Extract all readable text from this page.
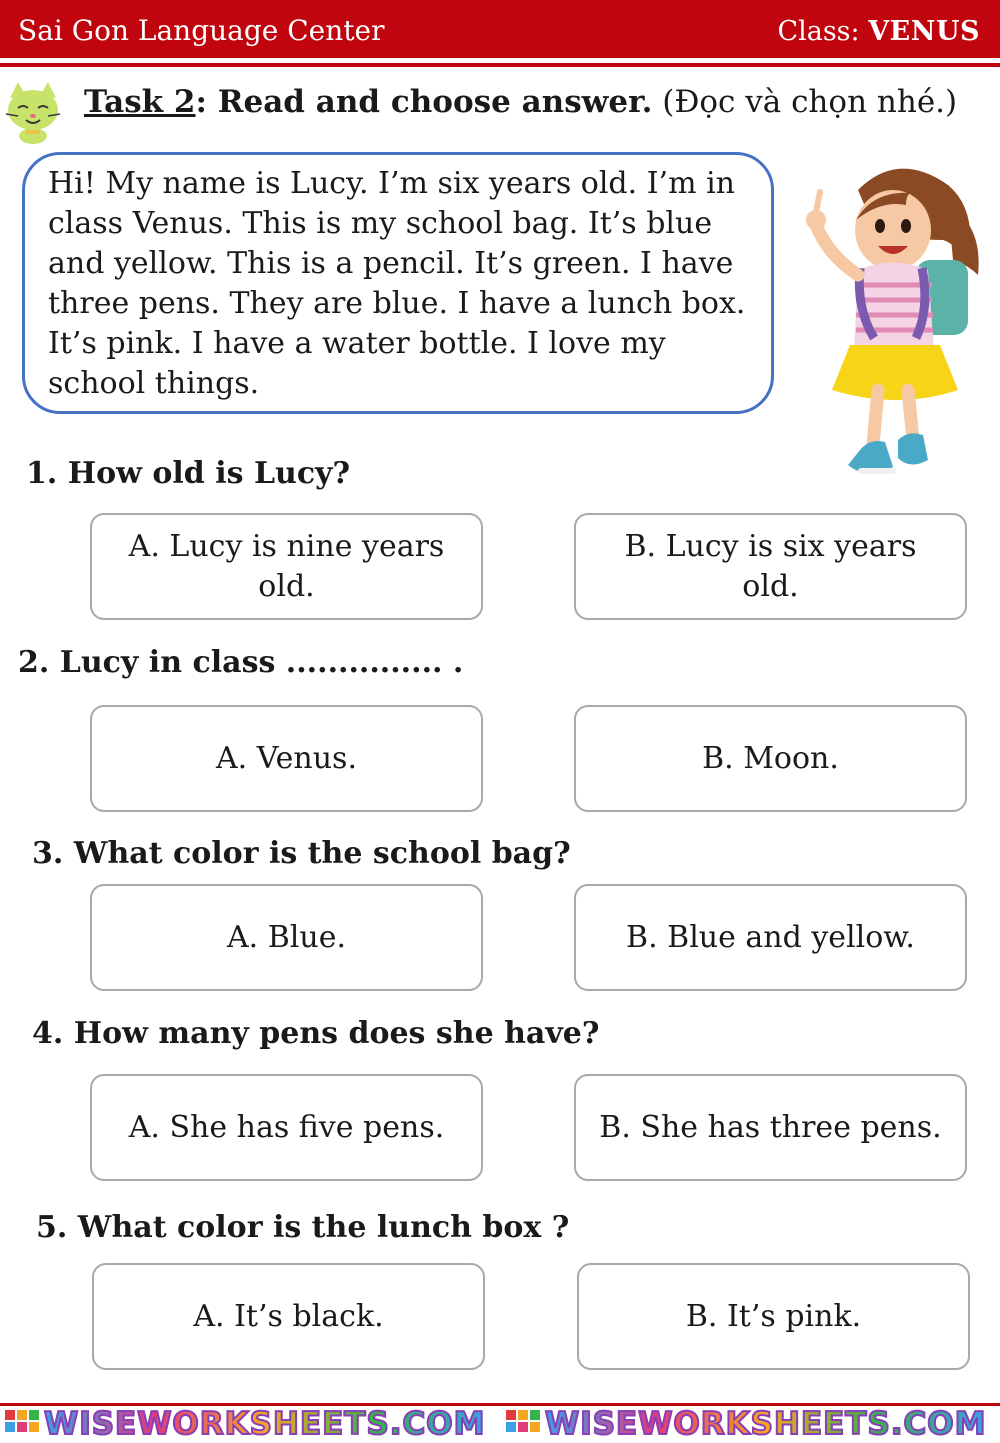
Sai Gon Language Center	Class: VENUS
Task 2: Read and choose answer. (Đọc và chọn nhé.)

Hi! My name is Lucy. I’m six years old. I’m in class Venus. This is my school bag. It’s blue and yellow. This is a pencil. It’s green. I have three pens. They are blue. I have a lunch box. It’s pink. I have a water bottle. I love my school things.

1. How old is Lucy?
A. Lucy is nine years old.
B. Lucy is six years old.
2. Lucy in class ............... .
A. Venus.	B. Moon.
3. What color is the school bag?
A. Blue.	B. Blue and yellow.
4. How many pens does she have?
A. She has five pens.	B. She has three pens.
5. What color is the lunch box ?
A. It’s black.	B. It’s pink.
WISEWORKSHEETS.COM WISEWORKSHEETS.COM
